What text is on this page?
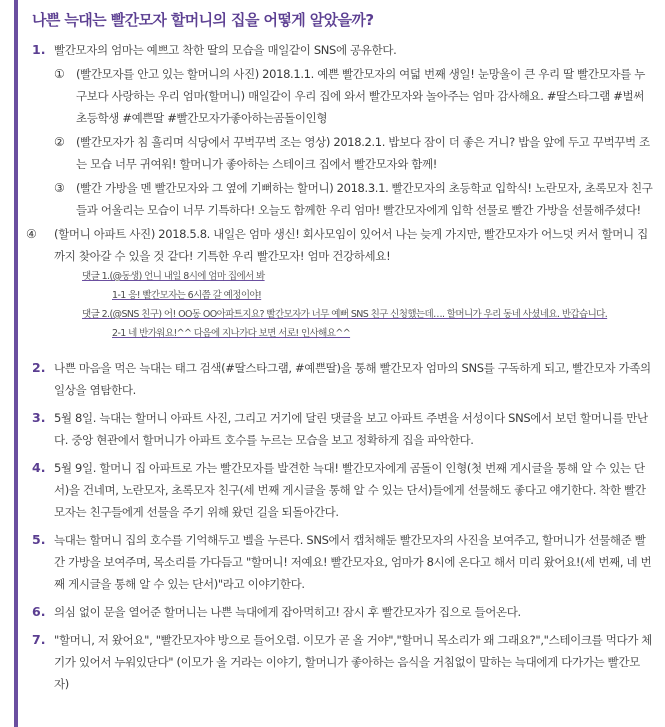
나쁜 늑대는 빨간모자 할머니의 집을 어떻게 알았을까?
1. 빨간모자의 엄마는 예쁘고 착한 딸의 모습을 매일같이 SNS에 공유한다.

① (빨간모자를 안고 있는 할머니의 사진) 2018.1.1. 예쁜 빨간모자의 여덟 번째 생일! 눈망울이 큰 우리 딸 빨간모자를 누구보다 사랑하는 우리 엄마(할머니) 매일같이 우리 집에 와서 빨간모자와 놀아주는 엄마 감사해요. #딸스타그램 #벌써초등학생 #예쁜딸 #빨간모자가좋아하는곰돌이인형

② (빨간모자가 침 흘리며 식당에서 꾸벅꾸벅 조는 영상) 2018.2.1. 밥보다 잠이 더 좋은 거니? 밥을 앞에 두고 꾸벅꾸벅 조는 모습 너무 귀여워! 할머니가 좋아하는 스테이크 집에서 빨간모자와 함께!

③ (빨간 가방을 멘 빨간모자와 그 옆에 기뻐하는 할머니) 2018.3.1. 빨간모자의 초등학교 입학식! 노란모자, 초록모자 친구들과 어울리는 모습이 너무 기특하다! 오늘도 함께한 우리 엄마! 빨간모자에게 입학 선물로 빨간 가방을 선물해주셨다!

④ (할머니 아파트 사진) 2018.5.8. 내일은 엄마 생신! 회사모임이 있어서 나는 늦게 가지만, 빨간모자가 어느덧 커서 할머니 집까지 찾아갈 수 있을 것 같다! 기특한 우리 빨간모자! 엄마 건강하세요!

댓글 1.(@동생) 언니 내일 8시에 엄마 집에서 봐
1-1 응! 빨간모자는 6시쯤 갈 예정이야!
댓글 2.(@SNS 친구) 어! OO동 OO아파트지요? 빨간모자가 너무 예뻐 SNS 친구 신청했는데…. 할머니가 우리 동네 사셨네요. 반갑습니다.
2-1 네 반가워요!^^ 다음에 지나가다 보면 서로! 인사해요^^
2. 나쁜 마음을 먹은 늑대는 태그 검색(#딸스타그램, #예쁜딸)을 통해 빨간모자 엄마의 SNS를 구독하게 되고, 빨간모자 가족의 일상을 염탐한다.

3. 5월 8일. 늑대는 할머니 아파트 사진, 그리고 거기에 달린 댓글을 보고 아파트 주변을 서성이다 SNS에서 보던 할머니를 만난다. 중앙 현관에서 할머니가 아파트 호수를 누르는 모습을 보고 정확하게 집을 파악한다.

4. 5월 9일. 할머니 집 아파트로 가는 빨간모자를 발견한 늑대! 빨간모자에게 곰돌이 인형(첫 번째 게시글을 통해 알 수 있는 단서)을 건네며, 노란모자, 초록모자 친구(세 번째 게시글을 통해 알 수 있는 단서)들에게 선물해도 좋다고 얘기한다. 착한 빨간모자는 친구들에게 선물을 주기 위해 왔던 길을 되돌아간다.

5. 늑대는 할머니 집의 호수를 기억해두고 벨을 누른다. SNS에서 캡처해둔 빨간모자의 사진을 보여주고, 할머니가 선물해준 빨간 가방을 보여주며, 목소리를 가다듬고 "할머니! 저예요! 빨간모자요, 엄마가 8시에 온다고 해서 미리 왔어요!(세 번째, 네 번째 게시글을 통해 알 수 있는 단서)"라고 이야기한다.

6. 의심 없이 문을 열어준 할머니는 나쁜 늑대에게 잡아먹히고! 잠시 후 빨간모자가 집으로 들어온다.

7. "할머니, 저 왔어요", "빨간모자야 방으로 들어오렴. 이모가 곧 올 거야","할머니 목소리가 왜 그래요?","스테이크를 먹다가 체기가 있어서 누워있단다" (이모가 올 거라는 이야기, 할머니가 좋아하는 음식을 거침없이 말하는 늑대에게 다가가는 빨간모자)
